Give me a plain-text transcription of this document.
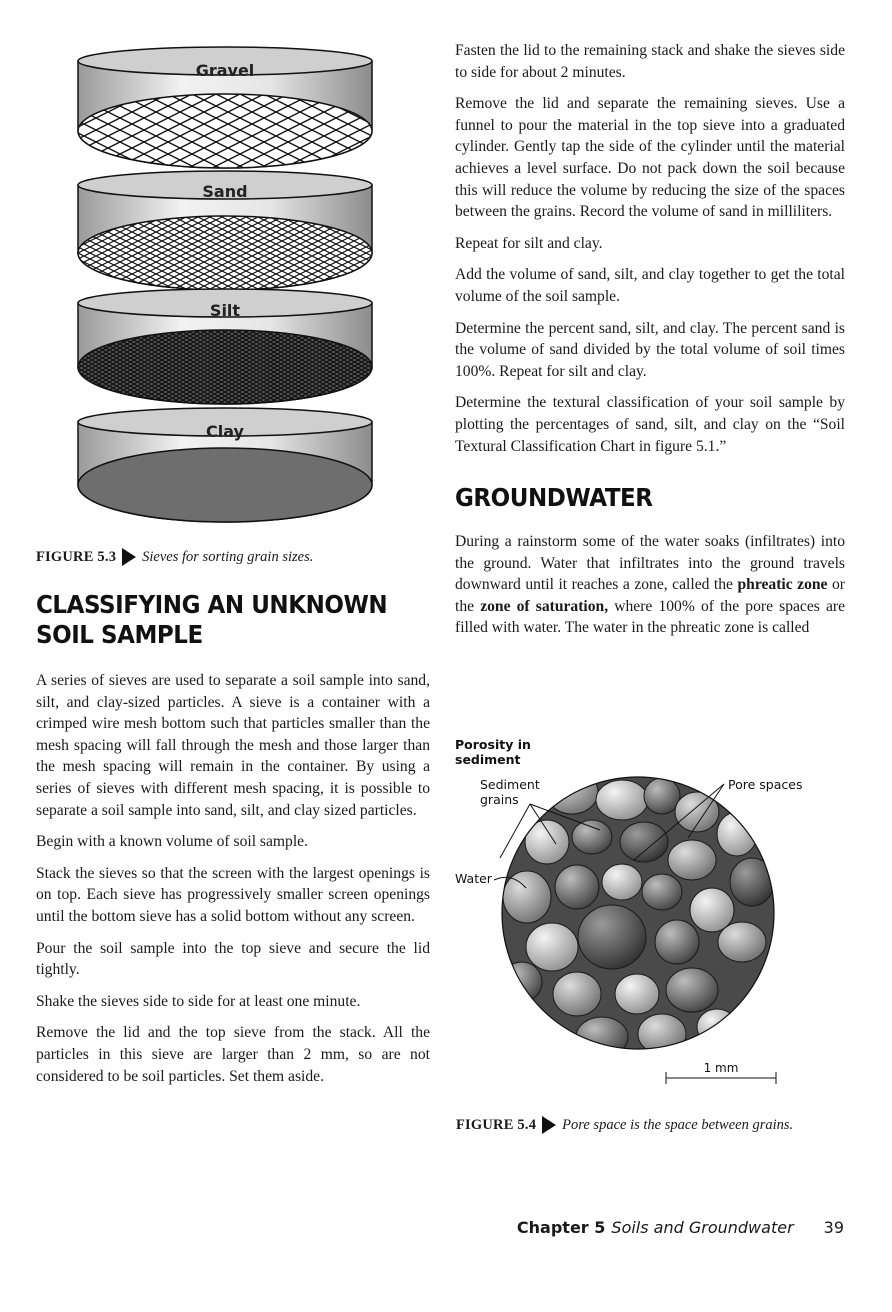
Gravel
Sand
Silt
Clay
FIGURE 5.3 Sieves for sorting grain sizes.
CLASSIFYING AN UNKNOWN
SOIL SAMPLE

A series of sieves are used to separate a soil sample into sand, silt, and clay-sized particles. A sieve is a container with a crimped wire mesh bottom such that particles smaller than the mesh spacing will fall through the mesh and those larger than the mesh spacing will remain in the container. By using a series of sieves with different mesh spacing, it is possible to separate a soil sample into sand, silt, and clay sized particles.

Begin with a known volume of soil sample.

Stack the sieves so that the screen with the largest openings is on top. Each sieve has progressively smaller screen openings until the bottom sieve has a solid bottom without any screen.

Pour the soil sample into the top sieve and secure the lid tightly.

Shake the sieves side to side for at least one minute.

Remove the lid and the top sieve from the stack. All the particles in this sieve are larger than 2 mm, so are not considered to be soil particles. Set them aside.

Fasten the lid to the remaining stack and shake the sieves side to side for about 2 minutes.

Remove the lid and separate the remaining sieves. Use a funnel to pour the material in the top sieve into a graduated cylinder. Gently tap the side of the cylinder until the material achieves a level surface. Do not pack down the soil because this will reduce the volume by reducing the size of the spaces between the grains. Record the volume of sand in milliliters.

Repeat for silt and clay.

Add the volume of sand, silt, and clay together to get the total volume of the soil sample.

Determine the percent sand, silt, and clay. The percent sand is the volume of sand divided by the total volume of soil times 100%. Repeat for silt and clay.

Determine the textural classification of your soil sample by plotting the percentages of sand, silt, and clay on the “Soil Textural Classification Chart in figure 5.1.”

GROUNDWATER

During a rainstorm some of the water soaks (infiltrates) into the ground. Water that infiltrates into the ground travels downward until it reaches a zone, called the phreatic zone or the zone of saturation, where 100% of the pore spaces are filled with water. The water in the phreatic zone is called

Porosity in
sediment
Sediment
grains
Pore spaces
Water
1 mm
FIGURE 5.4 Pore space is the space between grains.
Chapter 5 Soils and Groundwater 39
